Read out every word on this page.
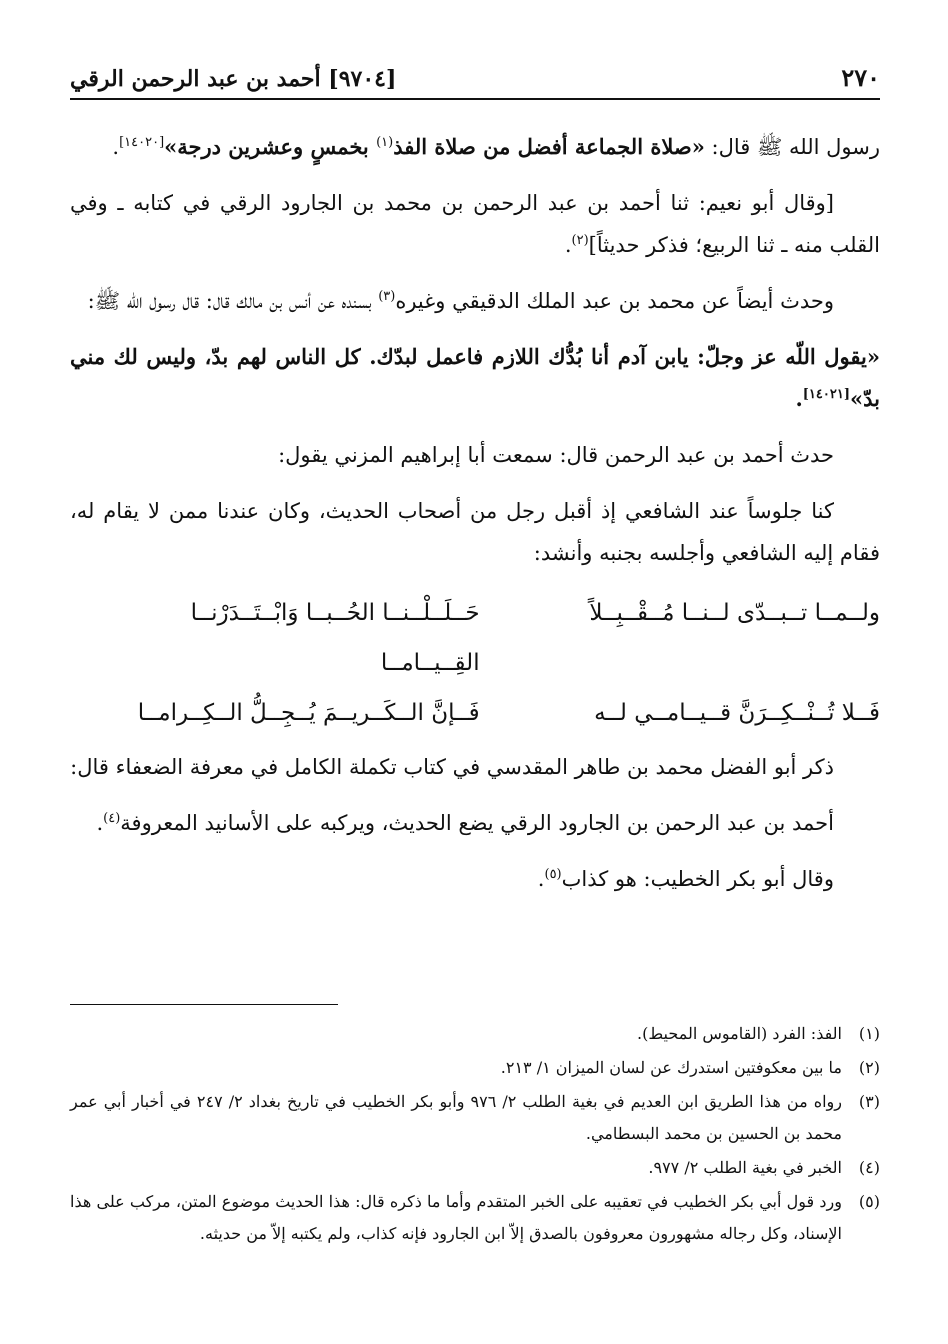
٢٧٠
[٩٧٠٤] أحمد بن عبد الرحمن الرقي

رسول الله ﷺ قال: «صلاة الجماعة أفضل من صلاة الفذ$^{(١)}$ بخمسٍ وعشرين درجة»[١٤٠٢٠].

[وقال أبو نعيم: ثنا أحمد بن عبد الرحمن بن محمد بن الجارود الرقي في كتابه ـ وفي القلب منه ـ ثنا الربيع؛ فذكر حديثاً]$^{(٢)}$.

وحدث أيضاً عن محمد بن عبد الملك الدقيقي وغيره$^{(٣)}$ بسنده عن أنس بن مالك قال: قال رسول الله ﷺ:

«يقول اللّه عز وجلّ: يابن آدم أنا بُدُّك اللازم فاعمل لبدّك. كل الناس لهم بدّ، وليس لك مني بدّ»[١٤٠٢١].

حدث أحمد بن عبد الرحمن قال: سمعت أبا إبراهيم المزني يقول:

كنا جلوساً عند الشافعي إذ أقبل رجل من أصحاب الحديث، وكان عندنا ممن لا يقام له، فقام إليه الشافعي وأجلسه بجنبه وأنشد:

ولــمــا تــبــدّى لــنــا مُــقْــبِــلاً
حَــلَــلْــنــا الحُــبــا وَابْــتَــدَرْنــا القِــيــامــا
فَــلا تُــنْــكِــرَنَّ قــيــامــي لــه
فَــإنَّ الــكَــريــمَ يُــجِــلُّ الــكِــرامــا

ذكر أبو الفضل محمد بن طاهر المقدسي في كتاب تكملة الكامل في معرفة الضعفاء قال:

أحمد بن عبد الرحمن بن الجارود الرقي يضع الحديث، ويركبه على الأسانيد المعروفة$^{(٤)}$.

وقال أبو بكر الخطيب: هو كذاب$^{(٥)}$.

(١)
الفذ: الفرد (القاموس المحيط).
(٢)
ما بين معكوفتين استدرك عن لسان الميزان ١/ ٢١٣.
(٣)
رواه من هذا الطريق ابن العديم في بغية الطلب ٢/ ٩٧٦ وأبو بكر الخطيب في تاريخ بغداد ٢/ ٢٤٧ في أخبار أبي عمر محمد بن الحسين بن محمد البسطامي.
(٤)
الخبر في بغية الطلب ٢/ ٩٧٧.
(٥)
ورد قول أبي بكر الخطيب في تعقيبه على الخبر المتقدم وأما ما ذكره قال: هذا الحديث موضوع المتن، مركب على هذا الإسناد، وكل رجاله مشهورون معروفون بالصدق إلاّ ابن الجارود فإنه كذاب، ولم يكتبه إلاّ من حديثه.
